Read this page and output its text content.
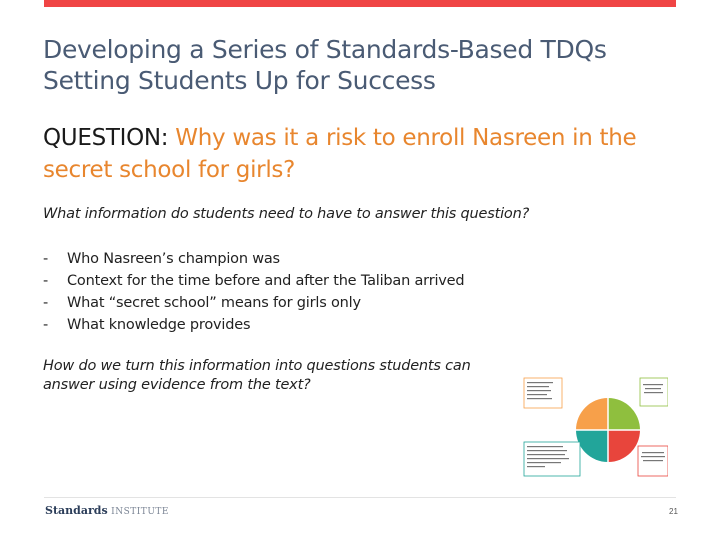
Developing a Series of Standards-Based TDQs
Setting Students Up for Success
QUESTION: Why was it a risk to enroll Nasreen in the secret school for girls?
What information do students need to have to answer this question?
-	Who Nasreen’s champion was
-	Context for the time before and after the Taliban arrived
-	What “secret school” means for girls only
-	What knowledge provides
How do we turn this information into questions students can answer using evidence from the text?
Standards INSTITUTE	21
